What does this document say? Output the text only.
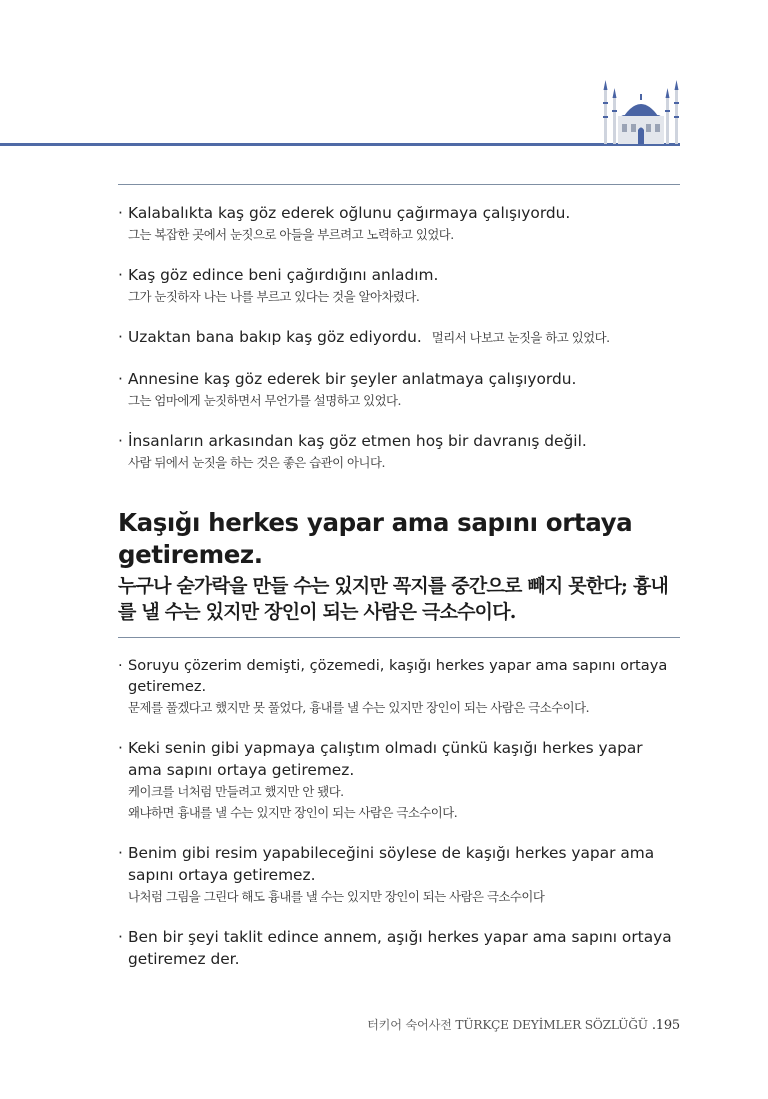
· Kalabalıkta kaş göz ederek oğlunu çağırmaya çalışıyordu.
그는 복잡한 곳에서 눈짓으로 아들을 부르려고 노력하고 있었다.
· Kaş göz edince beni çağırdığını anladım.
그가 눈짓하자 나는 나를 부르고 있다는 것을 알아차렸다.
· Uzaktan bana bakıp kaş göz ediyordu. 멀리서 나보고 눈짓을 하고 있었다.
· Annesine kaş göz ederek bir şeyler anlatmaya çalışıyordu.
그는 엄마에게 눈짓하면서 무언가를 설명하고 있었다.
· İnsanların arkasından kaş göz etmen hoş bir davranış değil.
사람 뒤에서 눈짓을 하는 것은 좋은 습관이 아니다.
Kaşığı herkes yapar ama sapını ortaya getiremez.
누구나 숟가락을 만들 수는 있지만 꼭지를 중간으로 빼지 못한다; 흉내를 낼 수는 있지만 장인이 되는 사람은 극소수이다.
· Soruyu çözerim demişti, çözemedi, kaşığı herkes yapar ama sapını ortaya getiremez.
문제를 풀겠다고 했지만 못 풀었다, 흉내를 낼 수는 있지만 장인이 되는 사람은 극소수이다.
· Keki senin gibi yapmaya çalıştım olmadı çünkü kaşığı herkes yapar ama sapını ortaya getiremez.
케이크를 너처럼 만들려고 했지만 안 됐다.
왜냐하면 흉내를 낼 수는 있지만 장인이 되는 사람은 극소수이다.
· Benim gibi resim yapabileceğini söylese de kaşığı herkes yapar ama sapını ortaya getiremez.
나처럼 그림을 그린다 해도 흉내를 낼 수는 있지만 장인이 되는 사람은 극소수이다
· Ben bir şeyi taklit edince annem, aşığı herkes yapar ama sapını ortaya getiremez der.
터키어 숙어사전 TÜRKÇE DEYİMLER SÖZLÜĞÜ .195
